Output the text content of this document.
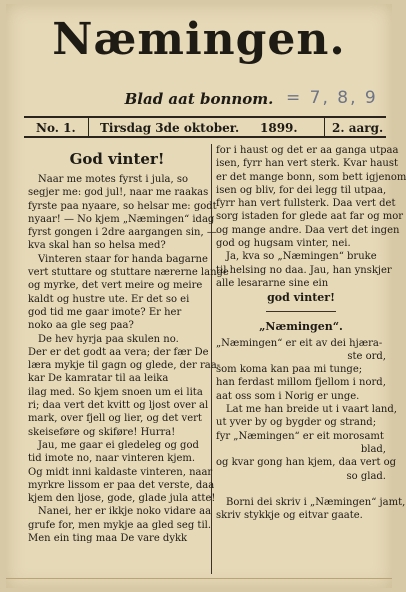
Næmingen.
Blad aat bonnom. = 7, 8, 9
No. 1. Tirsdag 3de oktober. 1899.	2. aarg.
God vinter!
Naar me motes fyrst i jula, so
segjer me: god jul!, naar me raakas
fyrste paa nyaare, so helsar me: godt
nyaar! — No kjem „Næmingen“ idag
fyrst gongen i 2dre aargangen sin, —
kva skal han so helsa med?
Vinteren staar for handa bagarne
vert stuttare og stuttare nærerne lange
og myrke, det vert meire og meire
kaldt og hustre ute. Er det so ei
god tid me gaar imote? Er her
noko aa gle seg paa?
De hev hyrja paa skulen no.
Der er det godt aa vera; der fær De
læra mykje til gagn og glede, der raa-
kar De kamratar til aa leika
ilag med. So kjem snoen um ei lita
ri; daa vert det kvitt og ljost over al
mark, over fjell og lier, og det vert
skeiseføre og skiføre! Hurra!
Jau, me gaar ei gledeleg og god
tid imote no, naar vinteren kjem.
Og midt inni kaldaste vinteren, naar
myrkre lissom er paa det verste, daa
kjem den ljose, gode, glade jula atte!
Nanei, her er ikkje noko vidare aa
grufe for, men mykje aa gled seg til.
Men ein ting maa De vare dykk
for i haust og det er aa ganga utpaa
isen, fyrr han vert sterk. Kvar haust
er det mange bonn, som bett igjenom
isen og bliv, for dei legg til utpaa,
fyrr han vert fullsterk. Daa vert det
sorg istaden for glede aat far og mor
og mange andre. Daa vert det ingen
god og hugsam vinter, nei.
Ja, kva so „Næmingen“ bruke
til helsing no daa. Jau, han ynskjer
alle lesararne sine ein
god vinter!
„Næmingen“.
„Næmingen“ er eit av dei hjæra-
ste ord,
som koma kan paa mi tunge;
han ferdast millom fjellom i nord,
aat oss som i Norig er unge.
Lat me han breide ut i vaart land,
ut yver by og bygder og strand;
fyr „Næmingen“ er eit morosamt
blad,
og kvar gong han kjem, daa vert og
so glad.
Borni dei skriv i „Næmingen“ jamt,
skriv stykkje og eitvar gaate.
